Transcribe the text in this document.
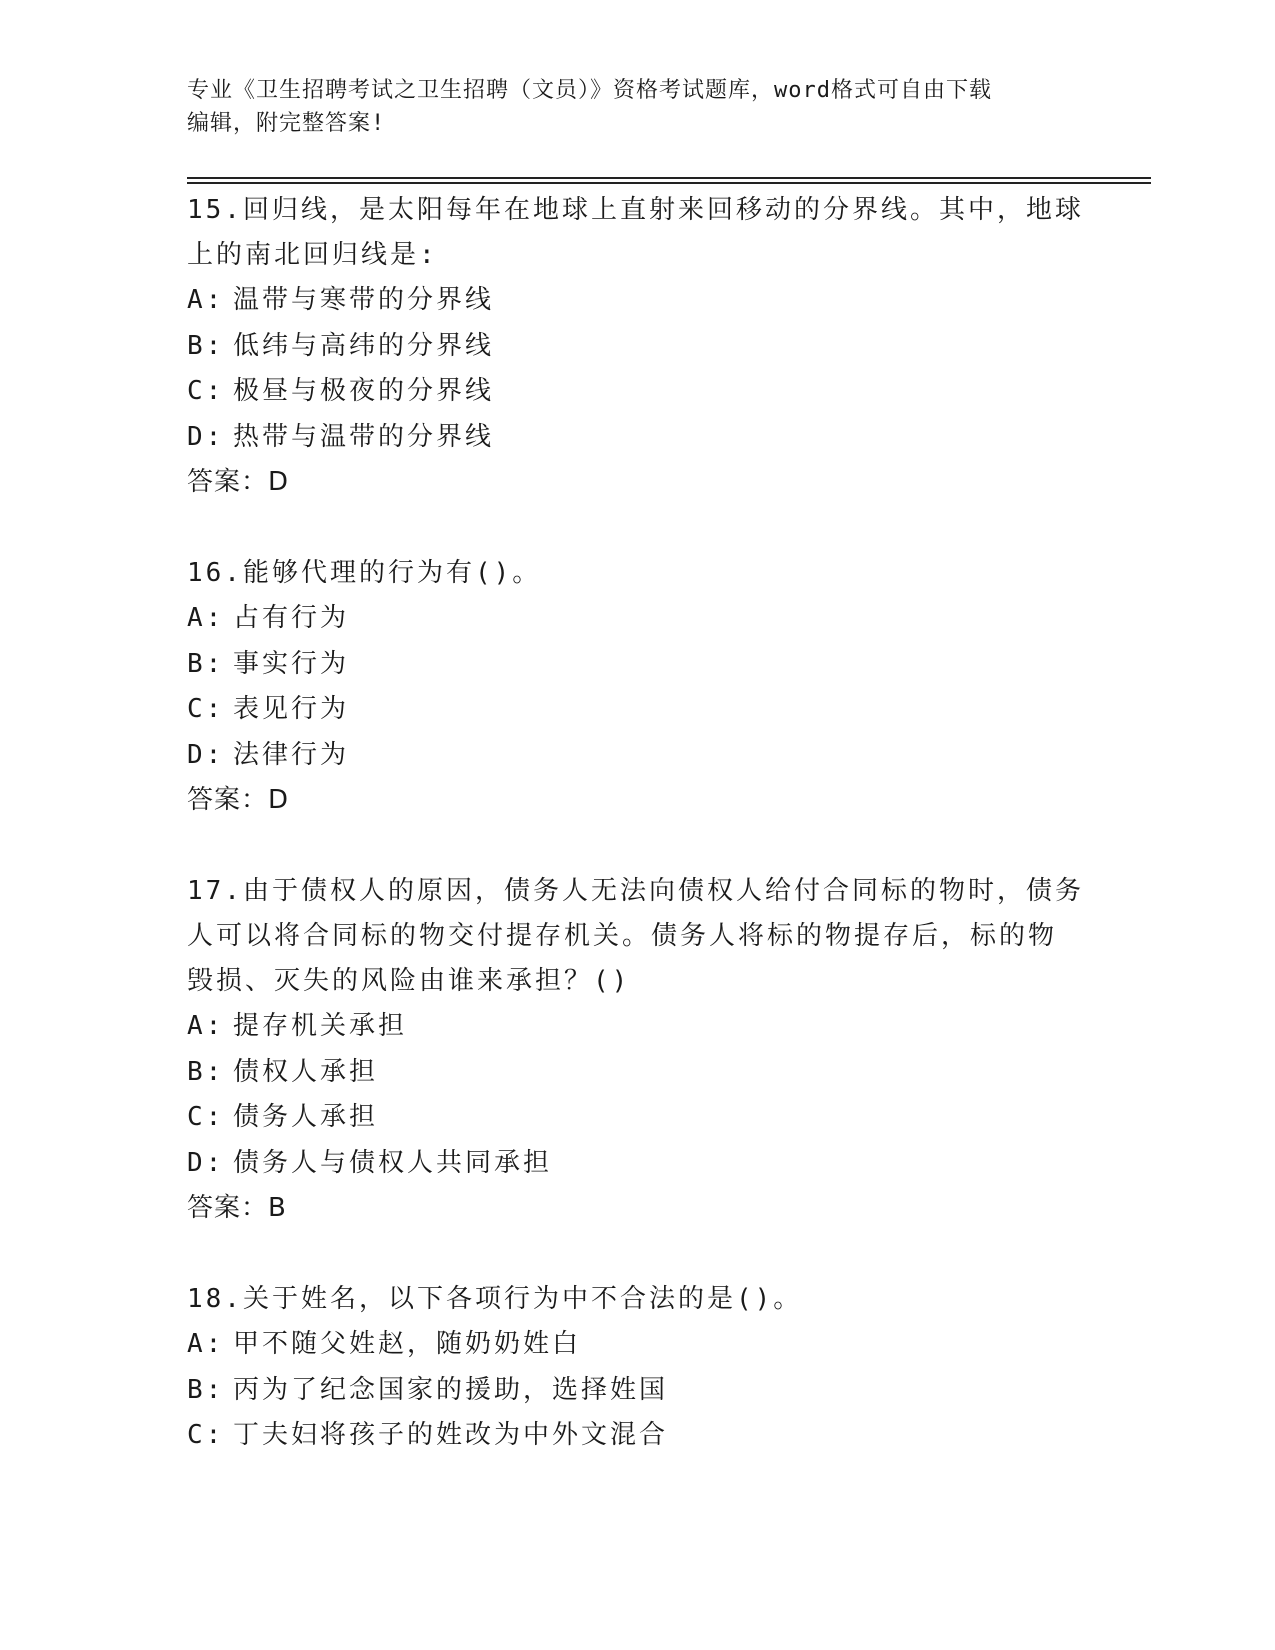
专业《卫生招聘考试之卫生招聘（文员）》资格考试题库，word格式可自由下载
编辑，附完整答案!
15.回归线，是太阳每年在地球上直射来回移动的分界线。其中，地球
上的南北回归线是:
A: 温带与寒带的分界线
B: 低纬与高纬的分界线
C: 极昼与极夜的分界线
D: 热带与温带的分界线
答案：D
16.能够代理的行为有()。
A: 占有行为
B: 事实行为
C: 表见行为
D: 法律行为
答案：D
17.由于债权人的原因，债务人无法向债权人给付合同标的物时，债务
人可以将合同标的物交付提存机关。债务人将标的物提存后，标的物
毁损、灭失的风险由谁来承担？()
A: 提存机关承担
B: 债权人承担
C: 债务人承担
D: 债务人与债权人共同承担
答案：B
18.关于姓名，以下各项行为中不合法的是()。
A: 甲不随父姓赵，随奶奶姓白
B: 丙为了纪念国家的援助，选择姓国
C: 丁夫妇将孩子的姓改为中外文混合
